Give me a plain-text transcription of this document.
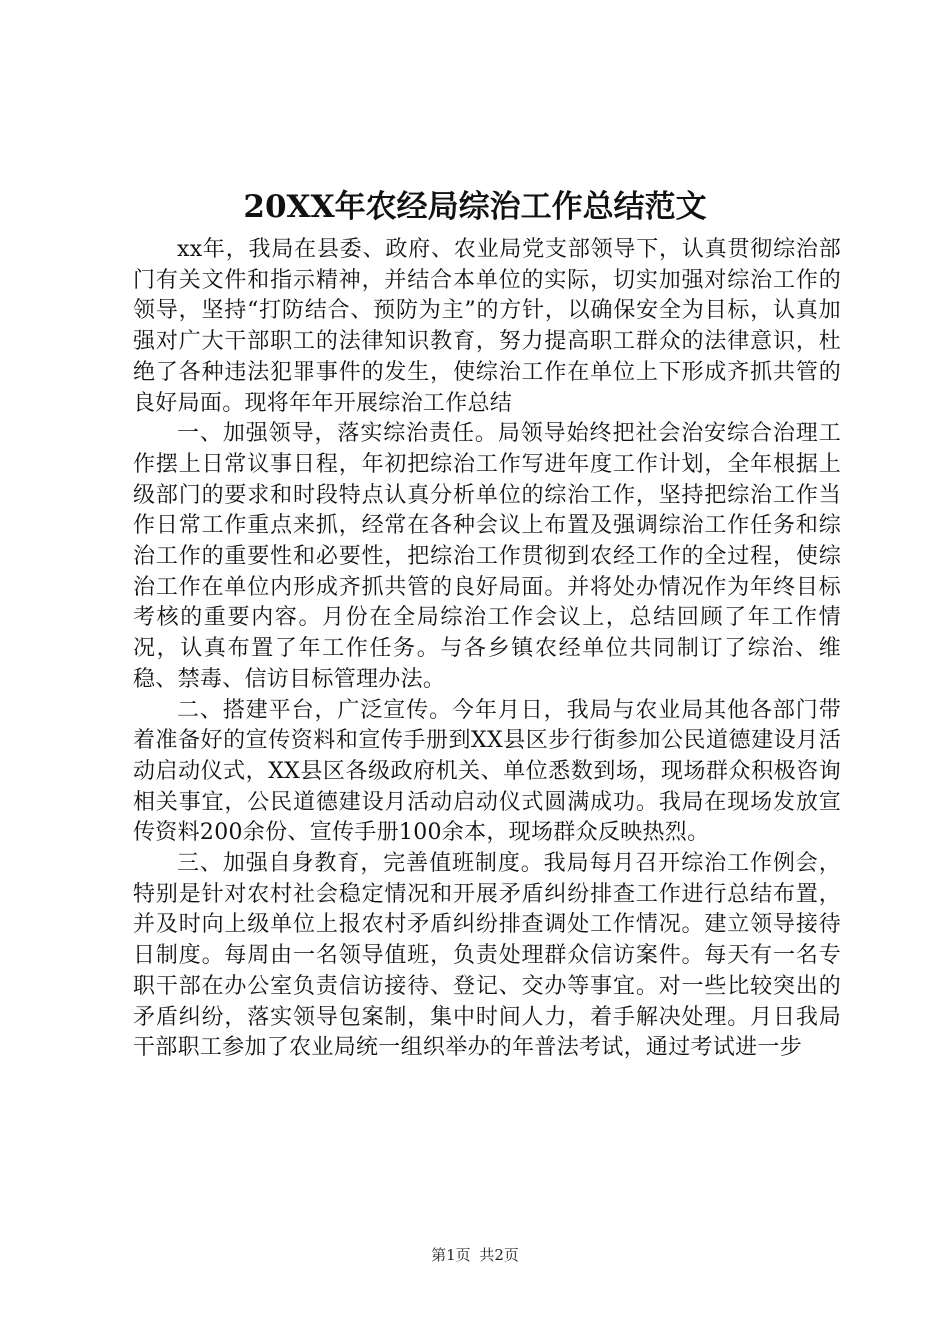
20XX年农经局综治工作总结范文

xx年，我局在县委、政府、农业局党支部领导下，认真贯彻综治部门有关文件和指示精神，并结合本单位的实际，切实加强对综治工作的领导，坚持“打防结合、预防为主”的方针，以确保安全为目标，认真加强对广大干部职工的法律知识教育，努力提高职工群众的法律意识，杜绝了各种违法犯罪事件的发生，使综治工作在单位上下形成齐抓共管的良好局面。现将年年开展综治工作总结

一、加强领导，落实综治责任。局领导始终把社会治安综合治理工作摆上日常议事日程，年初把综治工作写进年度工作计划，全年根据上级部门的要求和时段特点认真分析单位的综治工作，坚持把综治工作当作日常工作重点来抓，经常在各种会议上布置及强调综治工作任务和综治工作的重要性和必要性，把综治工作贯彻到农经工作的全过程，使综治工作在单位内形成齐抓共管的良好局面。并将处办情况作为年终目标考核的重要内容。月份在全局综治工作会议上，总结回顾了年工作情况，认真布置了年工作任务。与各乡镇农经单位共同制订了综治、维稳、禁毒、信访目标管理办法。

二、搭建平台，广泛宣传。今年月日，我局与农业局其他各部门带着准备好的宣传资料和宣传手册到XX县区步行街参加公民道德建设月活动启动仪式，XX县区各级政府机关、单位悉数到场，现场群众积极咨询相关事宜，公民道德建设月活动启动仪式圆满成功。我局在现场发放宣传资料200余份、宣传手册100余本，现场群众反映热烈。

三、加强自身教育，完善值班制度。我局每月召开综治工作例会，特别是针对农村社会稳定情况和开展矛盾纠纷排查工作进行总结布置，并及时向上级单位上报农村矛盾纠纷排查调处工作情况。建立领导接待日制度。每周由一名领导值班，负责处理群众信访案件。每天有一名专职干部在办公室负责信访接待、登记、交办等事宜。对一些比较突出的矛盾纠纷，落实领导包案制，集中时间人力，着手解决处理。月日我局干部职工参加了农业局统一组织举办的年普法考试，通过考试进一步

第1页 共2页
